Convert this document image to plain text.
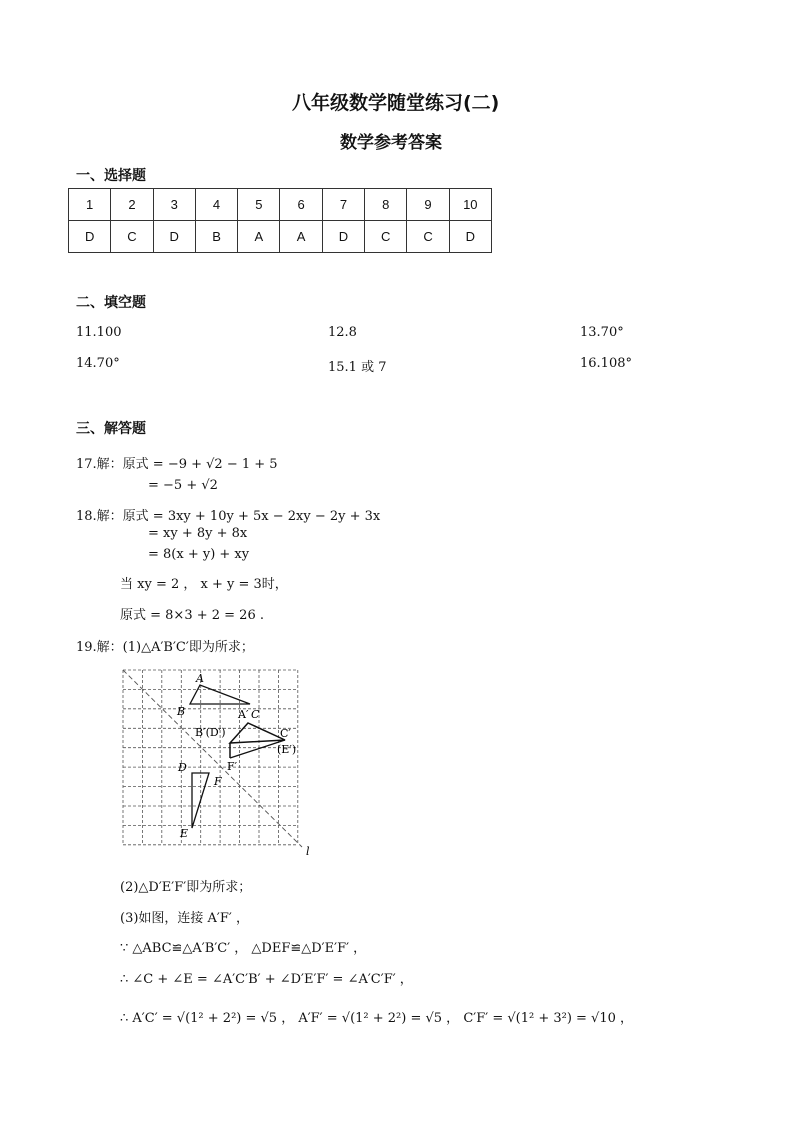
八年级数学随堂练习(二)
数学参考答案
一、选择题
1	2	3	4	5	6	7	8	9	10
D	C	D	B	A	A	D	C	C	D
二、填空题
11.100	12.8	13.70°
14.70°	15.1 或 7	16.108°
三、解答题
17.解：原式 = −9 + √2 − 1 + 5
= −5 + √2
18.解：原式 = 3xy + 10y + 5x − 2xy − 2y + 3x
= xy + 8y + 8x
= 8(x + y) + xy
当 xy = 2 ， x + y = 3时，
原式 = 8×3 + 2 = 26 .
19.解：(1)△A′B′C′即为所求；
A
B	A′ C
B′(D′)	C′
(E′)
F′
D
F
E
l
(2)△D′E′F′即为所求；
(3)如图，连接 A′F′ ，
∵ △ABC≌△A′B′C′ ， △DEF≌△D′E′F′ ，
∴ ∠C + ∠E = ∠A′C′B′ + ∠D′E′F′ = ∠A′C′F′ ，
∴ A′C′ = √(1² + 2²) = √5 ， A′F′ = √(1² + 2²) = √5 ， C′F′ = √(1² + 3²) = √10 ，
